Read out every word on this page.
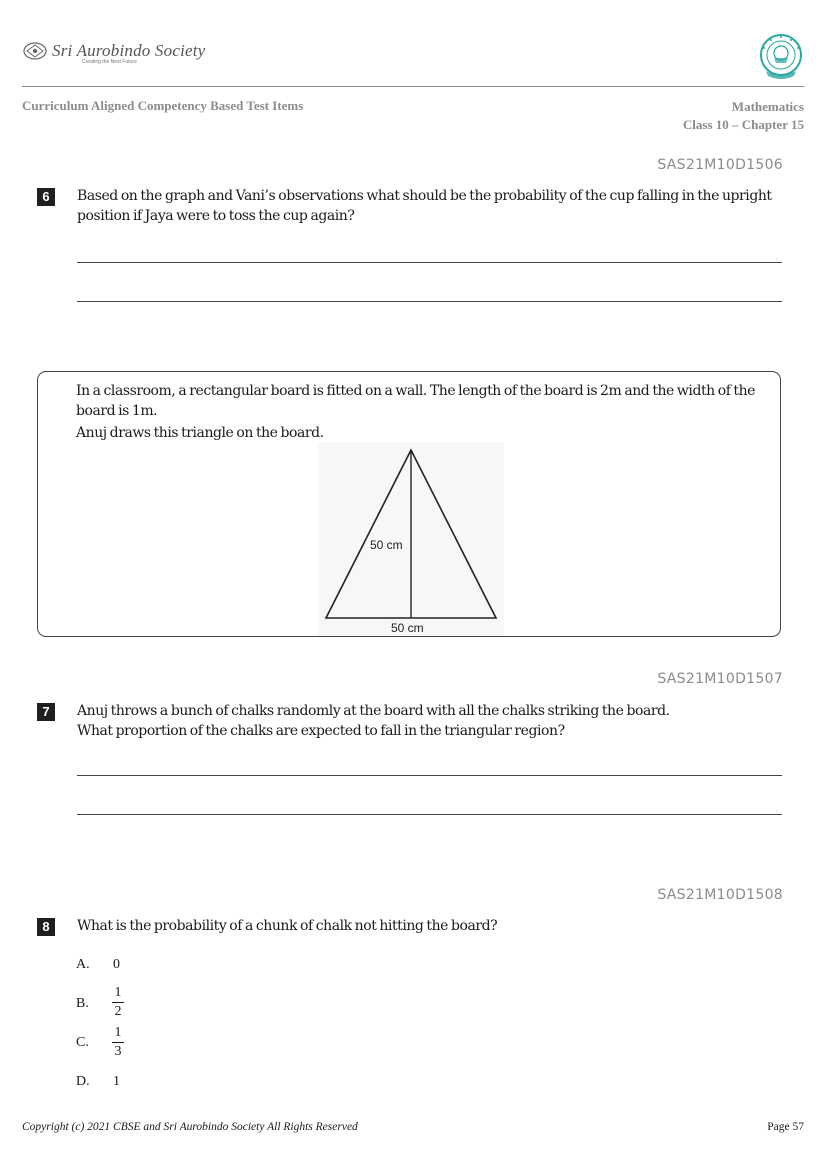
Sri Aurobindo Society
Creating the Next Future
Curriculum Aligned Competency Based Test Items	Mathematics
Class 10 – Chapter 15
SAS21M10D1506
6	Based on the graph and Vani’s observations what should be the probability of the cup falling in the upright position if Jaya were to toss the cup again?

In a classroom, a rectangular board is fitted on a wall. The length of the board is 2m and the width of the board is 1m.

Anuj draws this triangle on the board.

50 cm
50 cm
SAS21M10D1507
7	Anuj throws a bunch of chalks randomly at the board with all the chalks striking the board.

What proportion of the chalks are expected to fall in the triangular region?

SAS21M10D1508
8	What is the probability of a chunk of chalk not hitting the board?

A. 0
B.
1
2
C.
1
3
D. 1
Copyright (c) 2021 CBSE and Sri Aurobindo Society All Rights Reserved	Page 57
